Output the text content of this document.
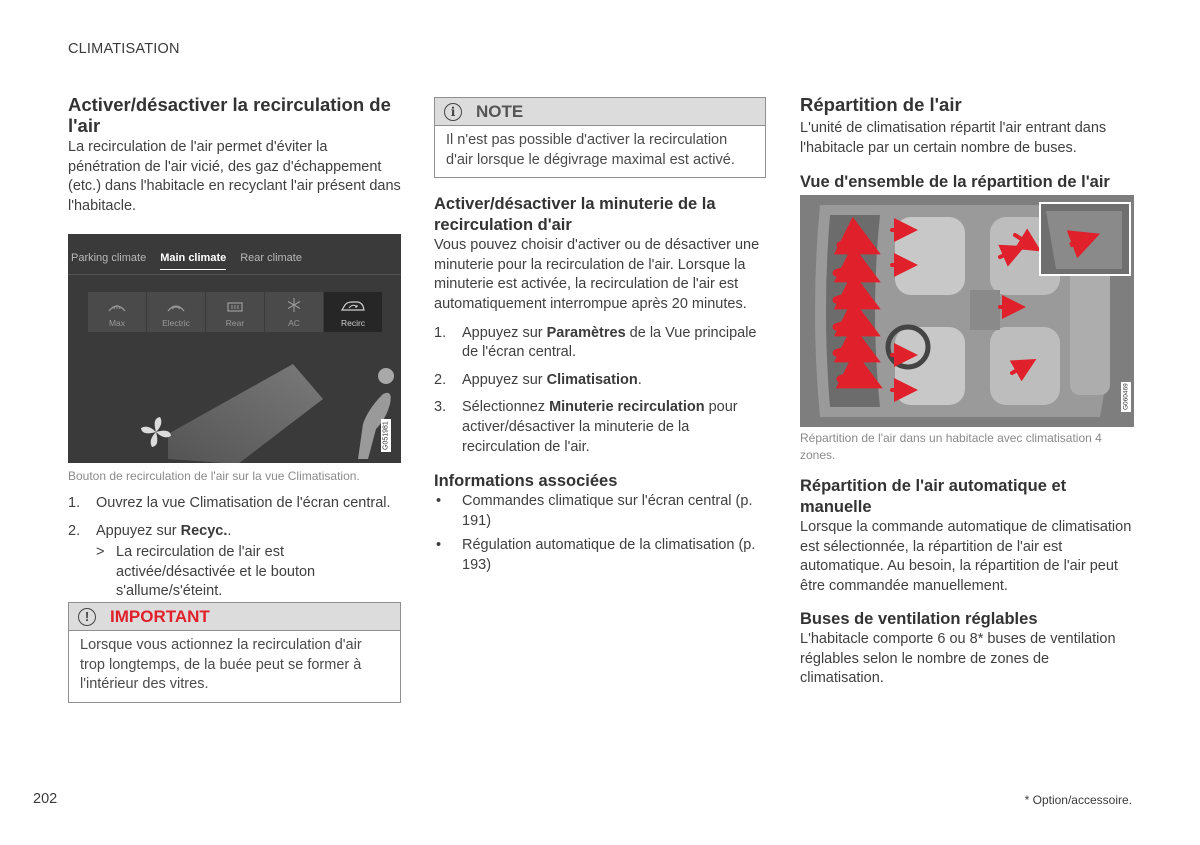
CLIMATISATION
Activer/désactiver la recirculation de l'air

La recirculation de l'air permet d'éviter la pénétration de l'air vicié, des gaz d'échappement (etc.) dans l'habitacle en recyclant l'air présent dans l'habitacle.

Parking climate Main climate Rear climate
Max	Electric	Rear	AC	Recirc
G051981
Bouton de recirculation de l'air sur la vue Climatisation.
1. Ouvrez la vue Climatisation de l'écran central.
2. Appuyez sur Recyc..
> La recirculation de l'air est activée/désactivée et le bouton s'allume/s'éteint.
!	IMPORTANT
Lorsque vous actionnez la recirculation d'air trop longtemps, de la buée peut se former à l'intérieur des vitres.
i	NOTE
Il n'est pas possible d'activer la recirculation d'air lorsque le dégivrage maximal est activé.
Activer/désactiver la minuterie de la recirculation d'air

Vous pouvez choisir d'activer ou de désactiver une minuterie pour la recirculation de l'air. Lorsque la minuterie est activée, la recirculation de l'air est automatiquement interrompue après 20 minutes.

1. Appuyez sur Paramètres de la Vue principale de l'écran central.
2. Appuyez sur Climatisation.
3. Sélectionnez Minuterie recirculation pour activer/désactiver la minuterie de la recirculation de l'air.
Informations associées
• Commandes climatique sur l'écran central (p. 191)
• Régulation automatique de la climatisation (p. 193)
Répartition de l'air

L'unité de climatisation répartit l'air entrant dans l'habitacle par un certain nombre de buses.

Vue d'ensemble de la répartition de l'air
G060469
Répartition de l'air dans un habitacle avec climatisation 4 zones.
Répartition de l'air automatique et manuelle

Lorsque la commande automatique de climatisation est sélectionnée, la répartition de l'air est automatique. Au besoin, la répartition de l'air peut être commandée manuellement.

Buses de ventilation réglables

L'habitacle comporte 6 ou 8* buses de ventilation réglables selon le nombre de zones de climatisation.

202	* Option/accessoire.
